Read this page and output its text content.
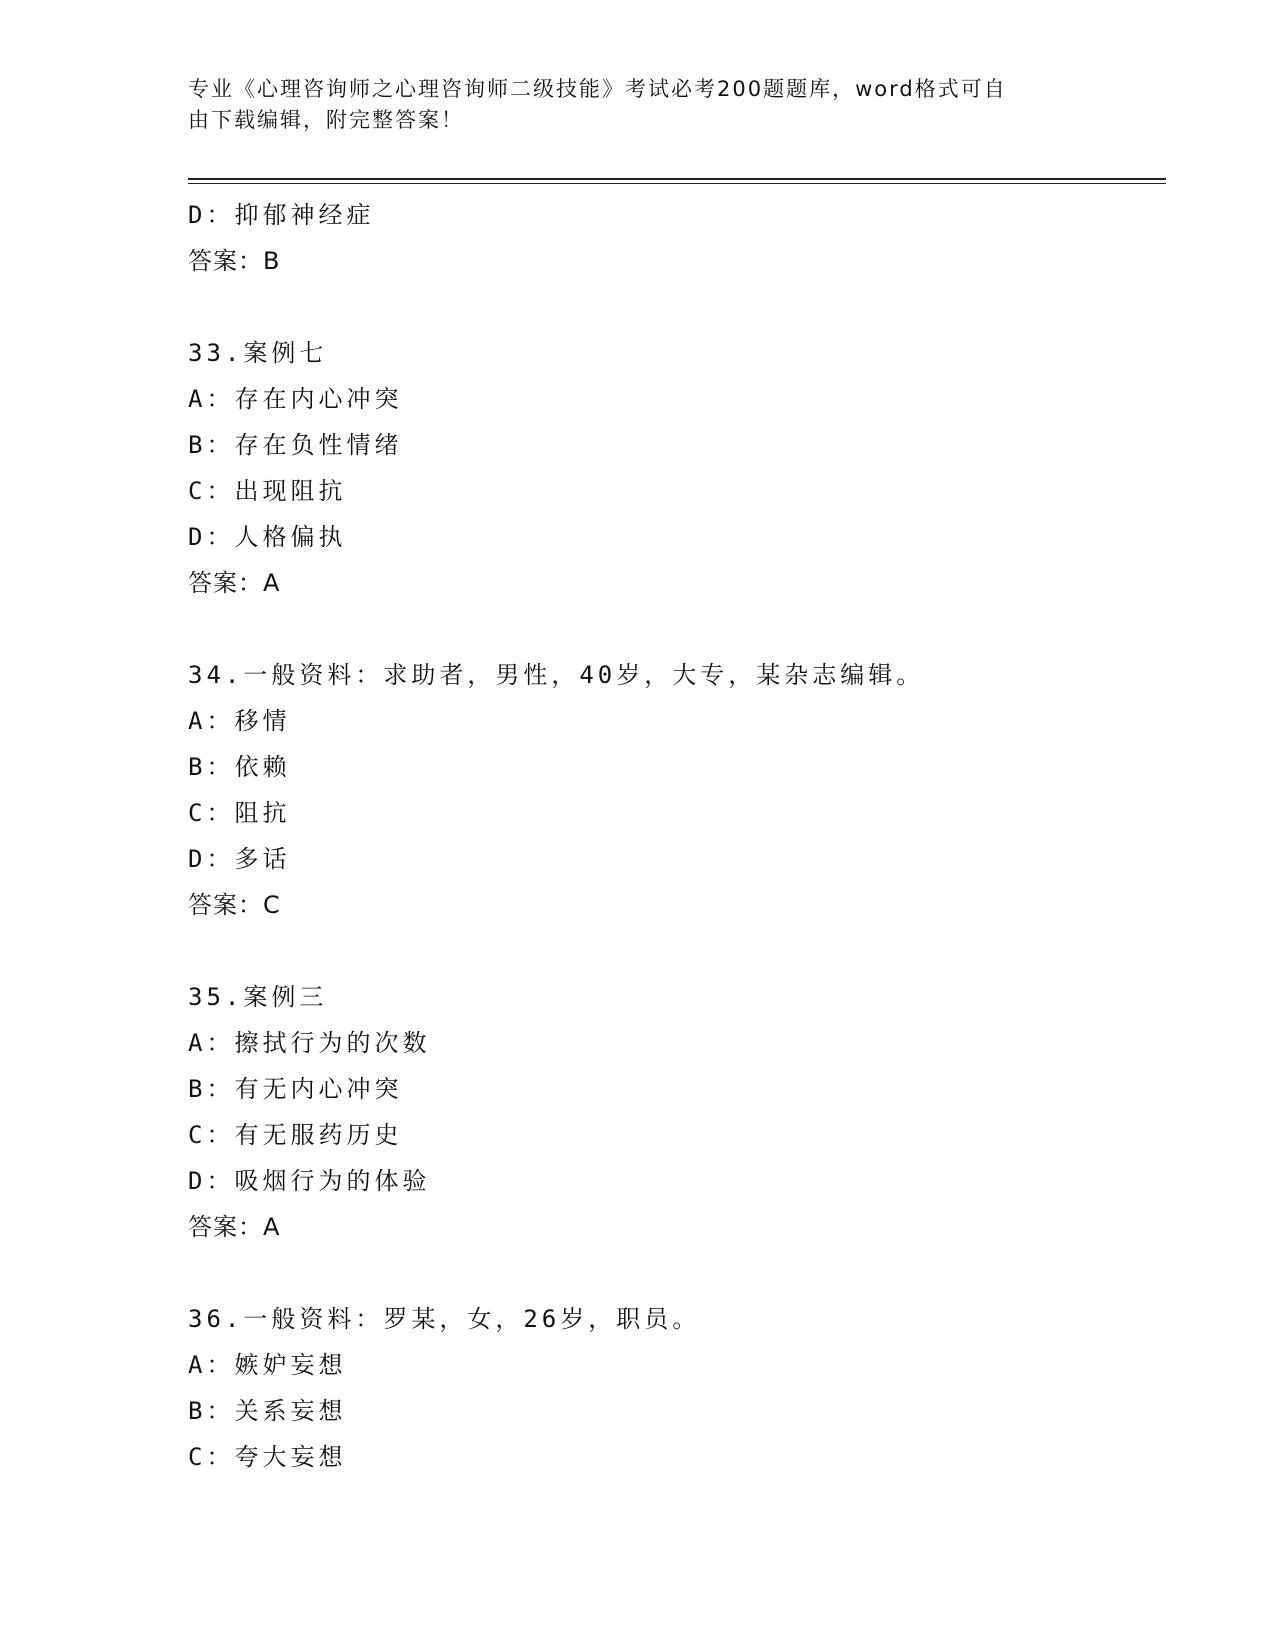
专业《心理咨询师之心理咨询师二级技能》考试必考200题题库，word格式可自
由下载编辑，附完整答案！
D：抑郁神经症
答案：B
33.案例七
A：存在内心冲突
B：存在负性情绪
C：出现阻抗
D：人格偏执
答案：A
34.一般资料：求助者，男性，40岁，大专，某杂志编辑。
A：移情
B：依赖
C：阻抗
D：多话
答案：C
35.案例三
A：擦拭行为的次数
B：有无内心冲突
C：有无服药历史
D：吸烟行为的体验
答案：A
36.一般资料：罗某，女，26岁，职员。
A：嫉妒妄想
B：关系妄想
C：夸大妄想
